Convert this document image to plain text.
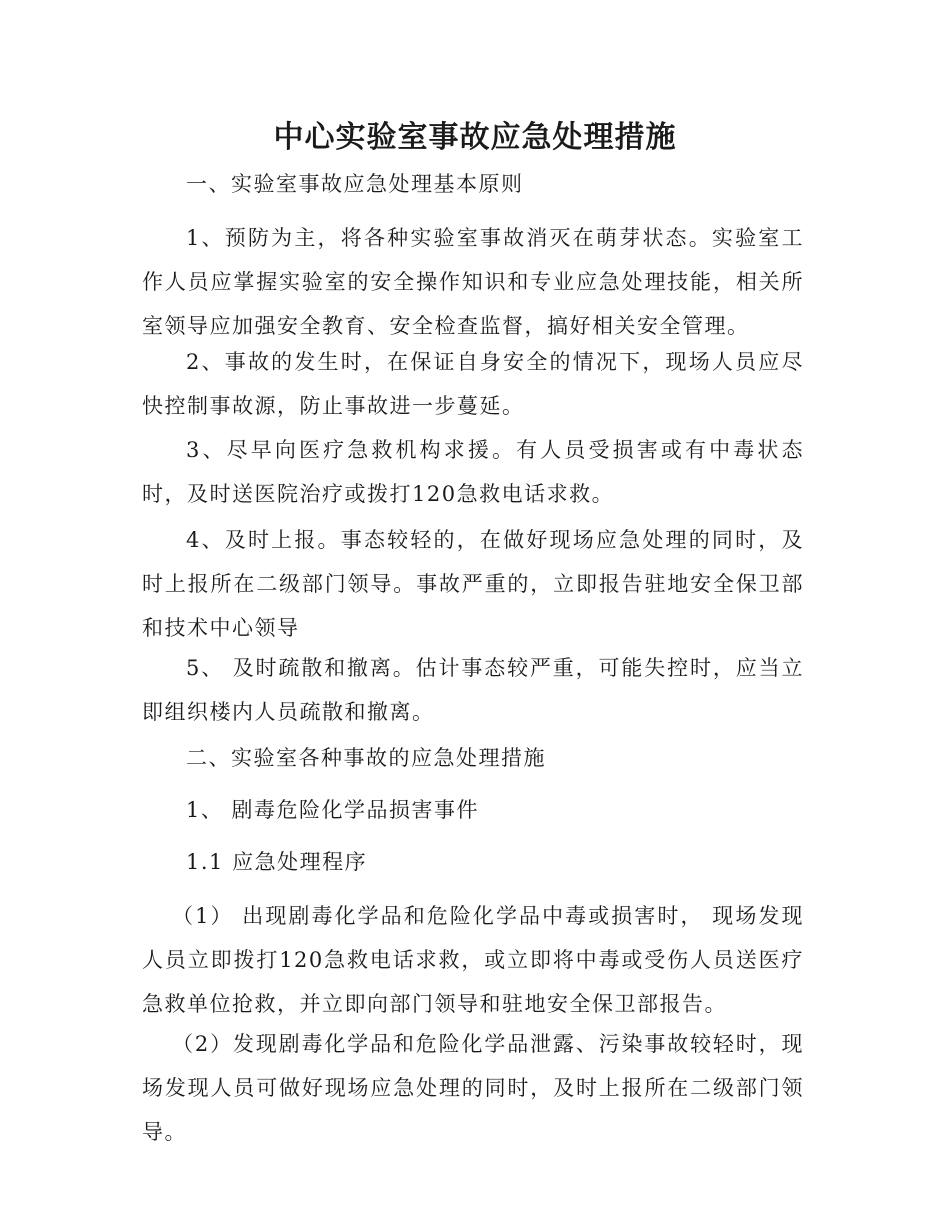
中心实验室事故应急处理措施

一、实验室事故应急处理基本原则

1、预防为主，将各种实验室事故消灭在萌芽状态。实验室工作人员应掌握实验室的安全操作知识和专业应急处理技能，相关所室领导应加强安全教育、安全检查监督，搞好相关安全管理。

2、事故的发生时，在保证自身安全的情况下，现场人员应尽快控制事故源，防止事故进一步蔓延。

3、尽早向医疗急救机构求援。有人员受损害或有中毒状态时，及时送医院治疗或拨打120急救电话求救。

4、及时上报。事态较轻的，在做好现场应急处理的同时，及时上报所在二级部门领导。事故严重的，立即报告驻地安全保卫部和技术中心领导

5、 及时疏散和撤离。估计事态较严重，可能失控时，应当立即组织楼内人员疏散和撤离。

二、实验室各种事故的应急处理措施

1、 剧毒危险化学品损害事件

1.1 应急处理程序

（1） 出现剧毒化学品和危险化学品中毒或损害时， 现场发现人员立即拨打120急救电话求救，或立即将中毒或受伤人员送医疗急救单位抢救，并立即向部门领导和驻地安全保卫部报告。

（2）发现剧毒化学品和危险化学品泄露、污染事故较轻时，现场发现人员可做好现场应急处理的同时，及时上报所在二级部门领导。
